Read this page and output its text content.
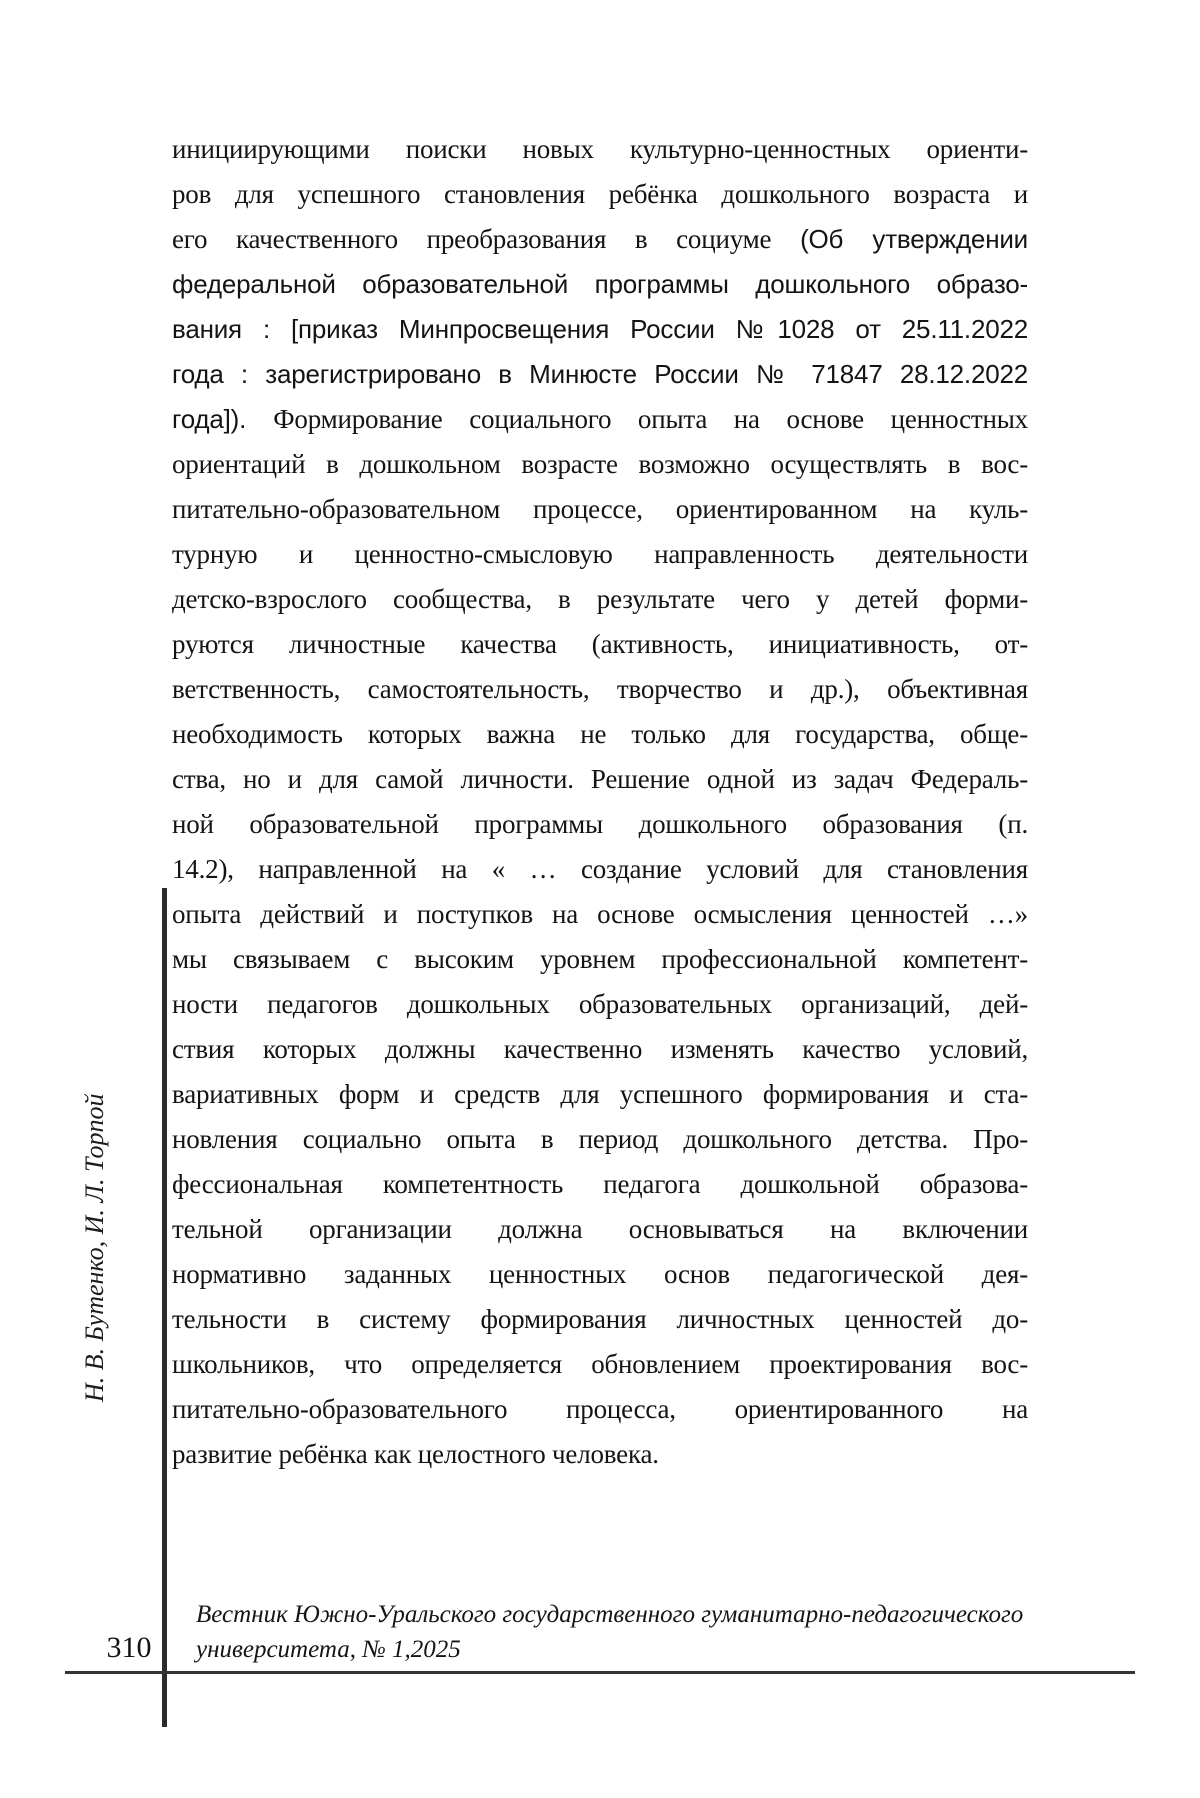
инициирующими поиски новых культурно-ценностных ориенти-
ров для успешного становления ребёнка дошкольного возраста и
его качественного преобразования в социуме (Об утверждении
федеральной образовательной программы дошкольного образо-
вания : [приказ Минпросвещения России №1028 от 25.11.2022
года : зарегистрировано в Минюсте России № 71847 28.12.2022
года]). Формирование социального опыта на основе ценностных
ориентаций в дошкольном возрасте возможно осуществлять в вос-
питательно-образовательном процессе, ориентированном на куль-
турную и ценностно-смысловую направленность деятельности
детско-взрослого сообщества, в результате чего у детей форми-
руются личностные качества (активность, инициативность, от-
ветственность, самостоятельность, творчество и др.), объективная
необходимость которых важна не только для государства, обще-
ства, но и для самой личности. Решение одной из задач Федераль-
ной образовательной программы дошкольного образования (п.
14.2), направленной на « … создание условий для становления
опыта действий и поступков на основе осмысления ценностей …»
мы связываем с высоким уровнем профессиональной компетент-
ности педагогов дошкольных образовательных организаций, дей-
ствия которых должны качественно изменять качество условий,
вариативных форм и средств для успешного формирования и ста-
новления социально опыта в период дошкольного детства. Про-
фессиональная компетентность педагога дошкольной образова-
тельной организации должна основываться на включении
нормативно заданных ценностных основ педагогической дея-
тельности в систему формирования личностных ценностей до-
школьников, что определяется обновлением проектирования вос-
питательно-образовательного процесса, ориентированного на
развитие ребёнка как целостного человека.
Н. В. Бутенко, И. Л. Торпой
Вестник Южно-Уральского государственного гуманитарно-педагогического
университета, № 1,2025
310
